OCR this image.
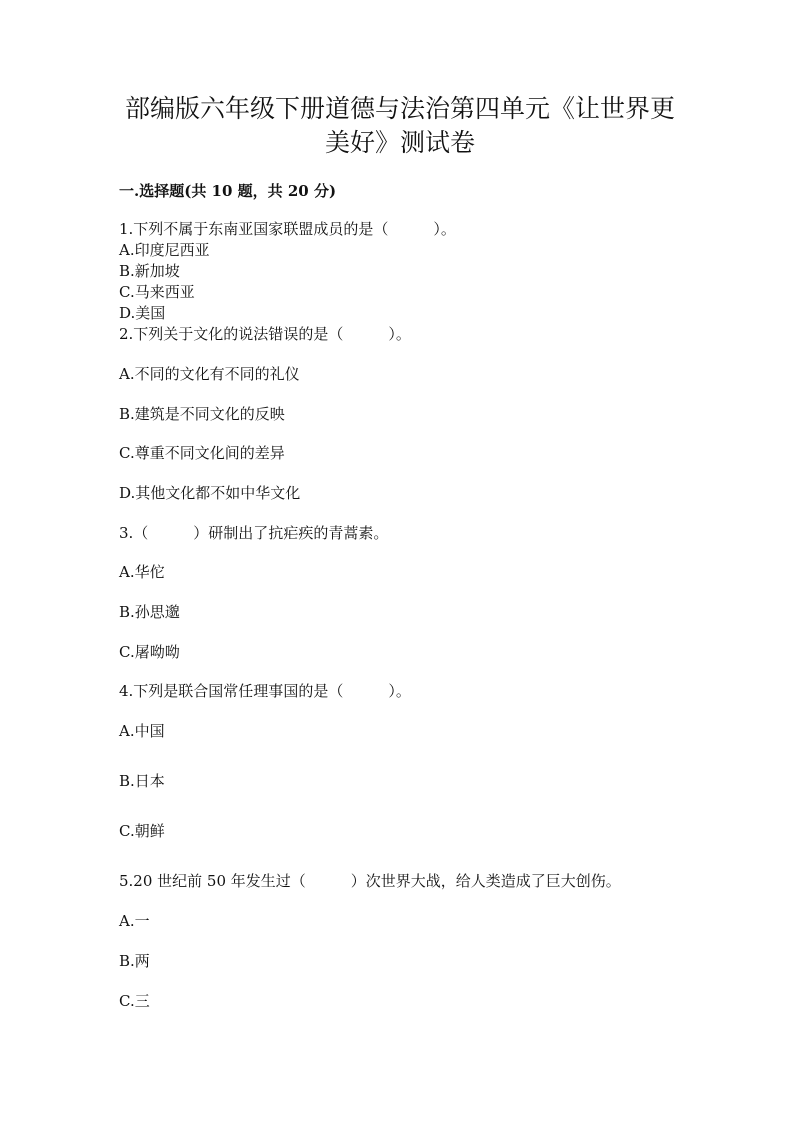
部编版六年级下册道德与法治第四单元《让世界更
美好》测试卷
一.选择题(共 10 题，共 20 分)
1.下列不属于东南亚国家联盟成员的是（　　　）。
A.印度尼西亚
B.新加坡
C.马来西亚
D.美国
2.下列关于文化的说法错误的是（　　　）。
A.不同的文化有不同的礼仪
B.建筑是不同文化的反映
C.尊重不同文化间的差异
D.其他文化都不如中华文化
3.（　　　）研制出了抗疟疾的青蒿素。
A.华佗
B.孙思邈
C.屠呦呦
4.下列是联合国常任理事国的是（　　　）。
A.中国
B.日本
C.朝鲜
5.20 世纪前 50 年发生过（　　　）次世界大战，给人类造成了巨大创伤。
A.一
B.两
C.三
